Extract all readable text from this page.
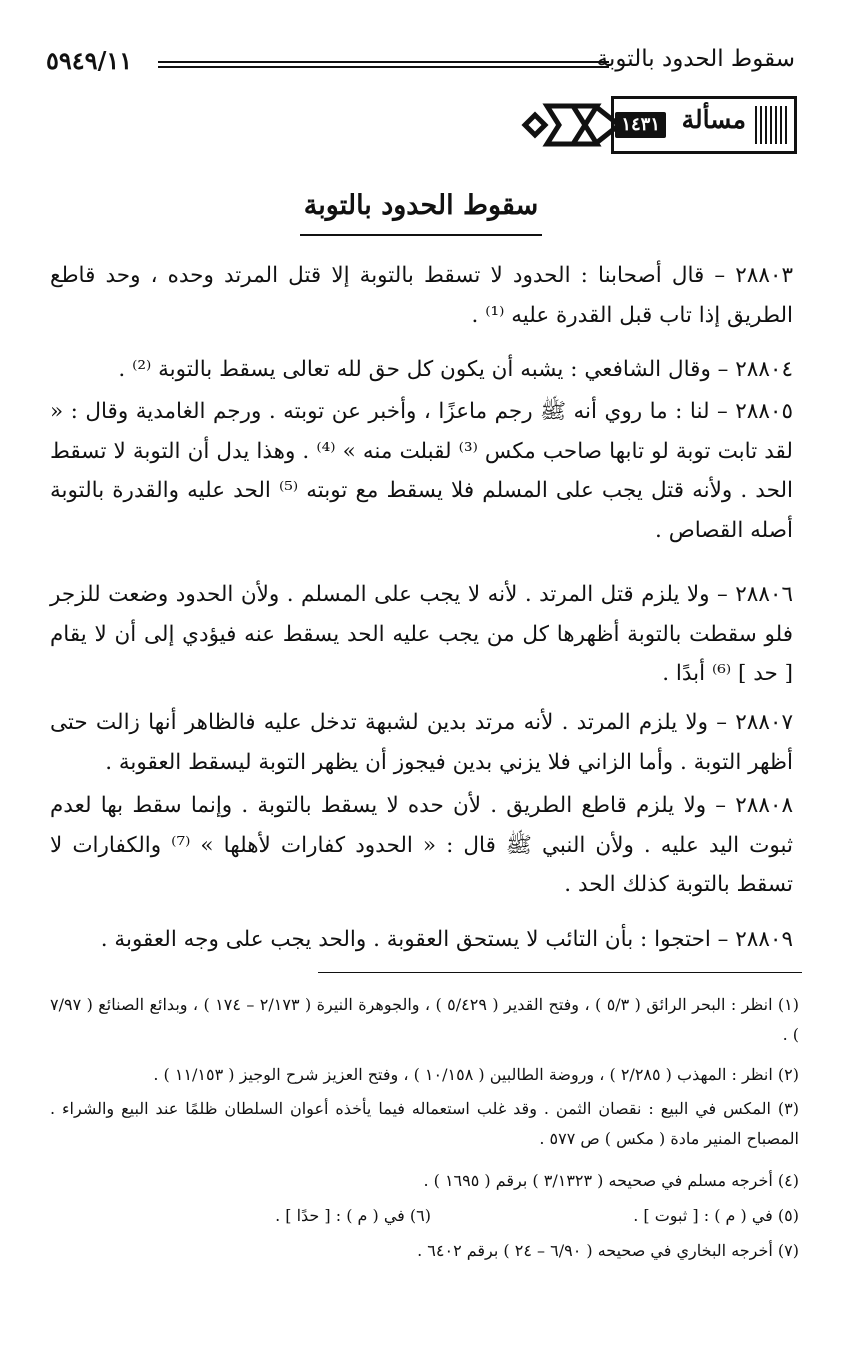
سقوط الحدود بالتوبة
٥٩٤٩/١١
مسألة
١٤٣١
سقوط الحدود بالتوبة

٢٨٨٠٣ – قال أصحابنا : الحدود لا تسقط بالتوبة إلا قتل المرتد وحده ، وحد قاطع الطريق إذا تاب قبل القدرة عليه ⁽¹⁾ .

٢٨٨٠٤ – وقال الشافعي : يشبه أن يكون كل حق لله تعالى يسقط بالتوبة ⁽²⁾ .

٢٨٨٠٥ – لنا : ما روي أنه ﷺ رجم ماعزًا ، وأخبر عن توبته . ورجم الغامدية وقال : « لقد تابت توبة لو تابها صاحب مكس ⁽³⁾ لقبلت منه » ⁽⁴⁾ . وهذا يدل أن التوبة لا تسقط الحد . ولأنه قتل يجب على المسلم فلا يسقط مع توبته ⁽⁵⁾ الحد عليه والقدرة بالتوبة أصله القصاص .

٢٨٨٠٦ – ولا يلزم قتل المرتد . لأنه لا يجب على المسلم . ولأن الحدود وضعت للزجر فلو سقطت بالتوبة أظهرها كل من يجب عليه الحد يسقط عنه فيؤدي إلى أن لا يقام [ حد ] ⁽⁶⁾ أبدًا .

٢٨٨٠٧ – ولا يلزم المرتد . لأنه مرتد بدين لشبهة تدخل عليه فالظاهر أنها زالت حتى أظهر التوبة . وأما الزاني فلا يزني بدين فيجوز أن يظهر التوبة ليسقط العقوبة .

٢٨٨٠٨ – ولا يلزم قاطع الطريق . لأن حده لا يسقط بالتوبة . وإنما سقط بها لعدم ثبوت اليد عليه . ولأن النبي ﷺ قال : « الحدود كفارات لأهلها » ⁽⁷⁾ والكفارات لا تسقط بالتوبة كذلك الحد .

٢٨٨٠٩ – احتجوا : بأن التائب لا يستحق العقوبة . والحد يجب على وجه العقوبة .

(١) انظر : البحر الرائق ( ٥/٣ ) ، وفتح القدير ( ٥/٤٢٩ ) ، والجوهرة النيرة ( ٢/١٧٣ – ١٧٤ ) ، وبدائع الصنائع ( ٧/٩٧ ) .

(٢) انظر : المهذب ( ٢/٢٨٥ ) ، وروضة الطالبين ( ١٠/١٥٨ ) ، وفتح العزيز شرح الوجيز ( ١١/١٥٣ ) .

(٣) المكس في البيع : نقصان الثمن . وقد غلب استعماله فيما يأخذه أعوان السلطان ظلمًا عند البيع والشراء . المصباح المنير مادة ( مكس ) ص ٥٧٧ .

(٤) أخرجه مسلم في صحيحه ( ٣/١٣٢٣ ) برقم ( ١٦٩٥ ) .

(٥) في ( م ) : [ ثبوت ] .
(٦) في ( م ) : [ حدًا ] .

(٧) أخرجه البخاري في صحيحه ( ٦/٩٠ – ٢٤ ) برقم ٦٤٠٢ .
